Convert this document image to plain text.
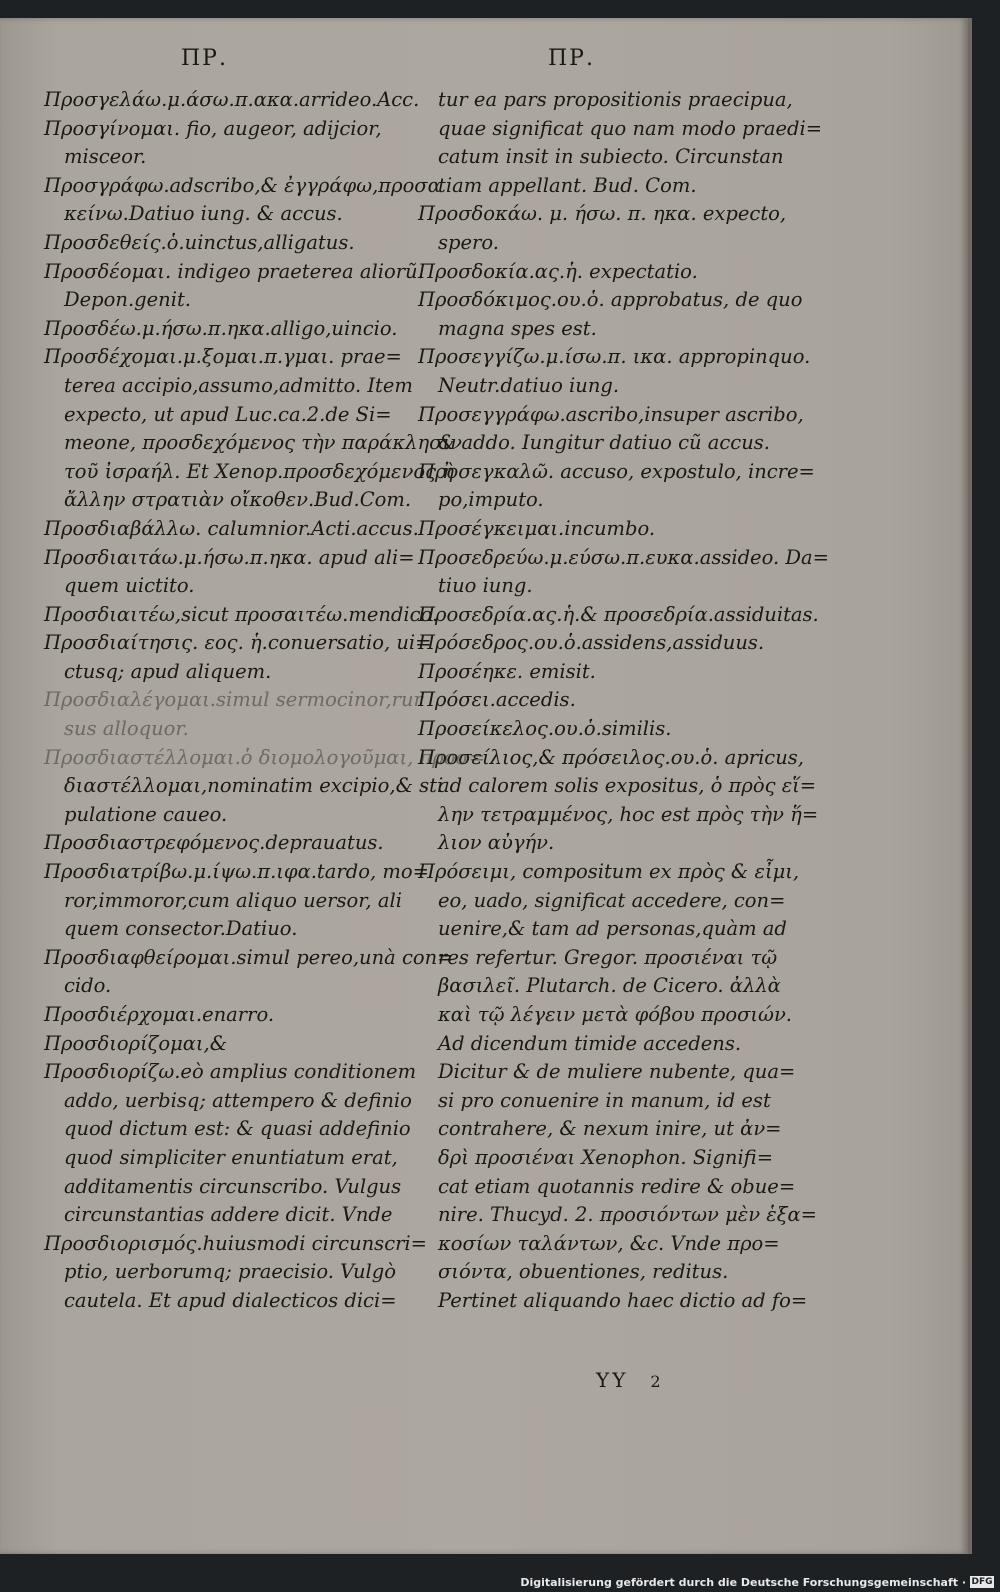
ΠΡ.	ΠΡ.
Προσγελάω.μ.άσω.π.ακα.arrideo.Acc.
Προσγίνομαι. fio, augeor, adijcior,
misceor.
Προσγράφω.adscribo,& ἐγγράφω,προσα
κείνω.Datiuo iung. & accus.
Προσδεθείς.ὁ.uinctus,alligatus.
Προσδέομαι. indigeo praeterea aliorũ.
Depon.genit.
Προσδέω.μ.ήσω.π.ηκα.alligo,uincio.
Προσδέχομαι.μ.ξομαι.π.γμαι. prae=
terea accipio,assumo,admitto. Item
expecto, ut apud Luc.ca.2.de Si=
meone, προσδεχόμενος τὴν παράκλησιν
τοῦ ἰσραήλ. Et Xenop.προσδεχόμενος ἢ
ἄλλην στρατιὰν οἴκοθεν.Bud.Com.
Προσδιαβάλλω. calumnior.Acti.accus.
Προσδιαιτάω.μ.ήσω.π.ηκα. apud ali=
quem uictito.
Προσδιαιτέω,sicut προσαιτέω.mendico.
Προσδιαίτησις. εος. ἡ.conuersatio, ui=
ctusq; apud aliquem.
Προσδιαλέγομαι.simul sermocinor,rur
sus alloquor.
Προσδιαστέλλομαι.ὁ διομολογοῦμαι, προσ=
διαστέλλομαι,nominatim excipio,& sti
pulatione caueo.
Προσδιαστρεφόμενος.deprauatus.
Προσδιατρίβω.μ.ίψω.π.ιφα.tardo, mo=
ror,immoror,cum aliquo uersor, ali
quem consector.Datiuo.
Προσδιαφθείρομαι.simul pereo,unà con=
cido.
Προσδιέρχομαι.enarro.
Προσδιορίζομαι,&
Προσδιορίζω.eò amplius conditionem
addo, uerbisq; attempero & definio
quod dictum est: & quasi addefinio
quod simpliciter enuntiatum erat,
additamentis circunscribo. Vulgus
circunstantias addere dicit. Vnde
Προσδιορισμός.huiusmodi circunscri=
ptio, uerborumq; praecisio. Vulgò
cautela. Et apud dialecticos dici=
tur ea pars propositionis praecipua,
quae significat quo nam modo praedi=
catum insit in subiecto. Circunstan
tiam appellant. Bud. Com.
Προσδοκάω. μ. ήσω. π. ηκα. expecto,
spero.
Προσδοκία.ας.ἡ. expectatio.
Προσδόκιμος.ου.ὁ. approbatus, de quo
magna spes est.
Προσεγγίζω.μ.ίσω.π. ικα. appropinquo.
Neutr.datiuo iung.
Προσεγγράφω.ascribo,insuper ascribo,
& addo. Iungitur datiuo cũ accus.
Προσεγκαλῶ. accuso, expostulo, incre=
po,imputo.
Προσέγκειμαι.incumbo.
Προσεδρεύω.μ.εύσω.π.ευκα.assideo. Da=
tiuo iung.
Προσεδρία.ας.ἡ.& προσεδρία.assiduitas.
Πρόσεδρος.ου.ὁ.assidens,assiduus.
Προσέηκε. emisit.
Πρόσει.accedis.
Προσείκελος.ου.ὁ.similis.
Προσείλιος,& πρόσειλος.ου.ὁ. apricus,
ad calorem solis expositus, ὁ πρὸς εἵ=
λην τετραμμένος, hoc est πρὸς τὴν ἥ=
λιον αὐγήν.
Πρόσειμι, compositum ex πρὸς & εἶμι,
eo, uado, significat accedere, con=
uenire,& tam ad personas,quàm ad
res refertur. Gregor. προσιέναι τῷ
βασιλεῖ. Plutarch. de Cicero. ἀλλὰ
καὶ τῷ λέγειν μετὰ φόβου προσιών.
Ad dicendum timide accedens.
Dicitur & de muliere nubente, qua=
si pro conuenire in manum, id est
contrahere, & nexum inire, ut ἀν=
δρὶ προσιέναι Xenophon. Signifi=
cat etiam quotannis redire & obue=
nire. Thucyd. 2. προσιόντων μὲν ἑξα=
κοσίων ταλάντων, &c. Vnde προ=
σιόντα, obuentiones, reditus.
Pertinet aliquando haec dictio ad fo=
YY 2
Digitalisierung gefördert durch die Deutsche Forschungsgemeinschaft · DFG
